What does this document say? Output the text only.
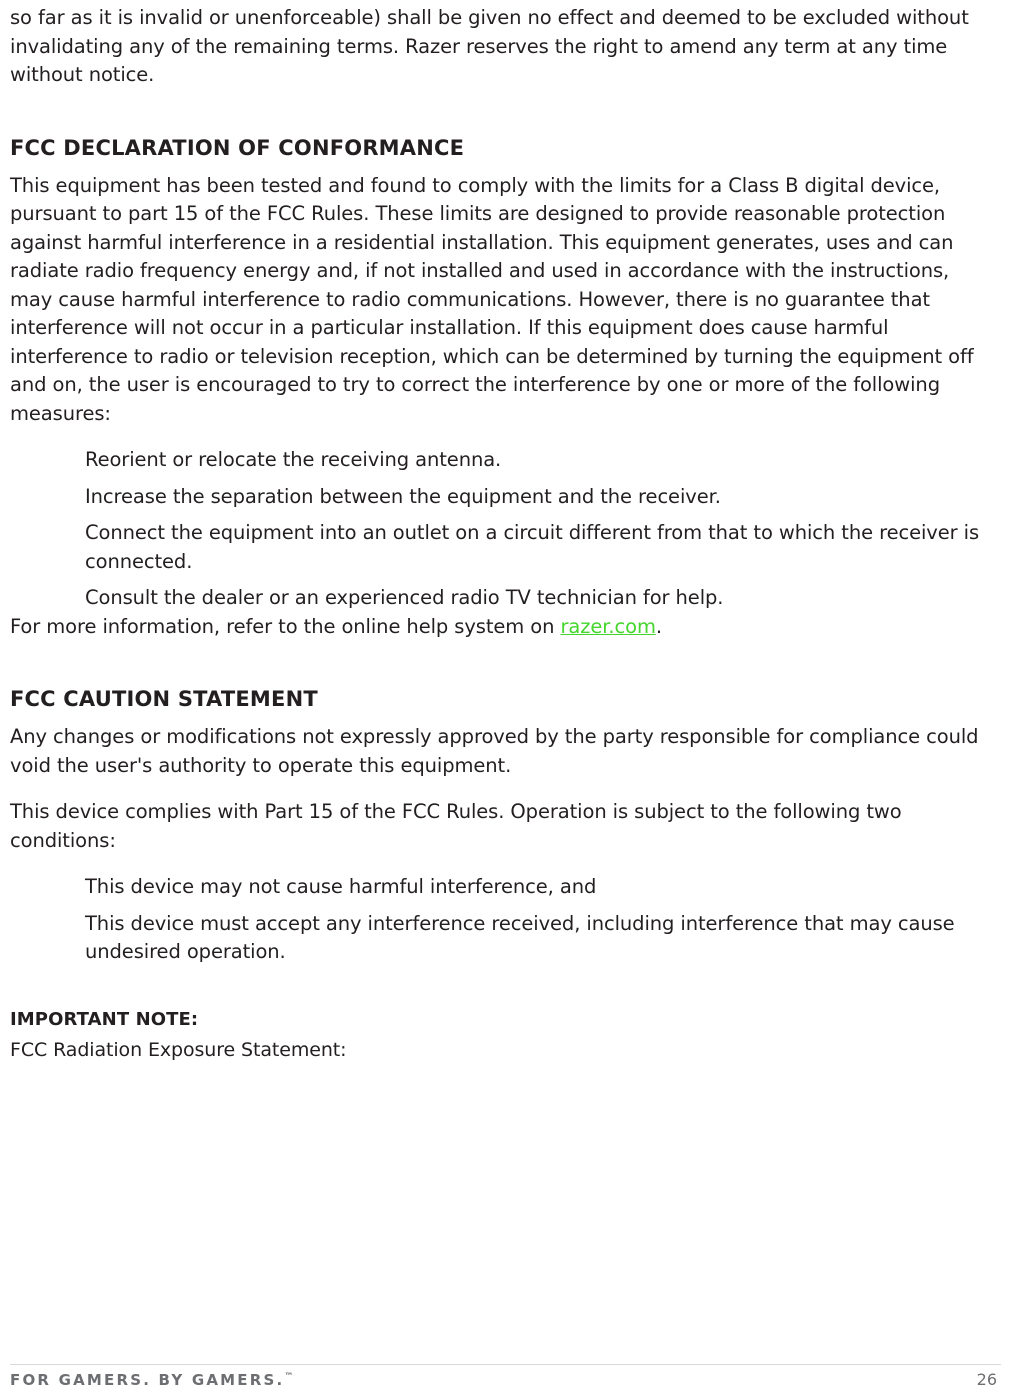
so far as it is invalid or unenforceable) shall be given no effect and deemed to be excluded without invalidating any of the remaining terms. Razer reserves the right to amend any term at any time without notice.

FCC DECLARATION OF CONFORMANCE

This equipment has been tested and found to comply with the limits for a Class B digital device, pursuant to part 15 of the FCC Rules. These limits are designed to provide reasonable protection against harmful interference in a residential installation. This equipment generates, uses and can radiate radio frequency energy and, if not installed and used in accordance with the instructions, may cause harmful interference to radio communications. However, there is no guarantee that interference will not occur in a particular installation. If this equipment does cause harmful interference to radio or television reception, which can be determined by turning the equipment off and on, the user is encouraged to try to correct the interference by one or more of the following measures:

Reorient or relocate the receiving antenna.
Increase the separation between the equipment and the receiver.
Connect the equipment into an outlet on a circuit different from that to which the receiver is connected.
Consult the dealer or an experienced radio TV technician for help.

For more information, refer to the online help system on razer.com.

FCC CAUTION STATEMENT

Any changes or modifications not expressly approved by the party responsible for compliance could void the user's authority to operate this equipment.

This device complies with Part 15 of the FCC Rules. Operation is subject to the following two conditions:

This device may not cause harmful interference, and
This device must accept any interference received, including interference that may cause undesired operation.

IMPORTANT NOTE:

FCC Radiation Exposure Statement:

FOR GAMERS. BY GAMERS.™	26
